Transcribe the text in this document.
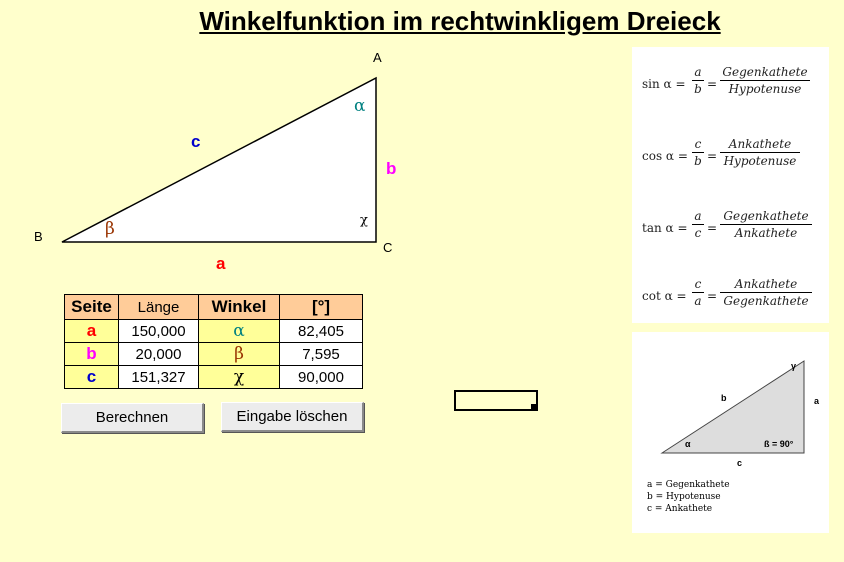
Winkelfunktion im rechtwinkligem Dreieck
A
B
C
c
b
a
α
β	χ
Seite	Länge	Winkel	[°]
a	150,000	α	82,405
b	20,000	β	7,595
c	151,327	χ	90,000
Berechnen	Eingabe löschen
sin α =
a
b =
Gegenkathete
Hypotenuse
cos α =
c
b =
Ankathete
Hypotenuse
tan α =
a
c =
Gegenkathete
Ankathete
cot α =
c
a =
Ankathete
Gegenkathete
γ
b	a
α	ß = 90°
c
a = Gegenkathete
b = Hypotenuse
c = Ankathete
